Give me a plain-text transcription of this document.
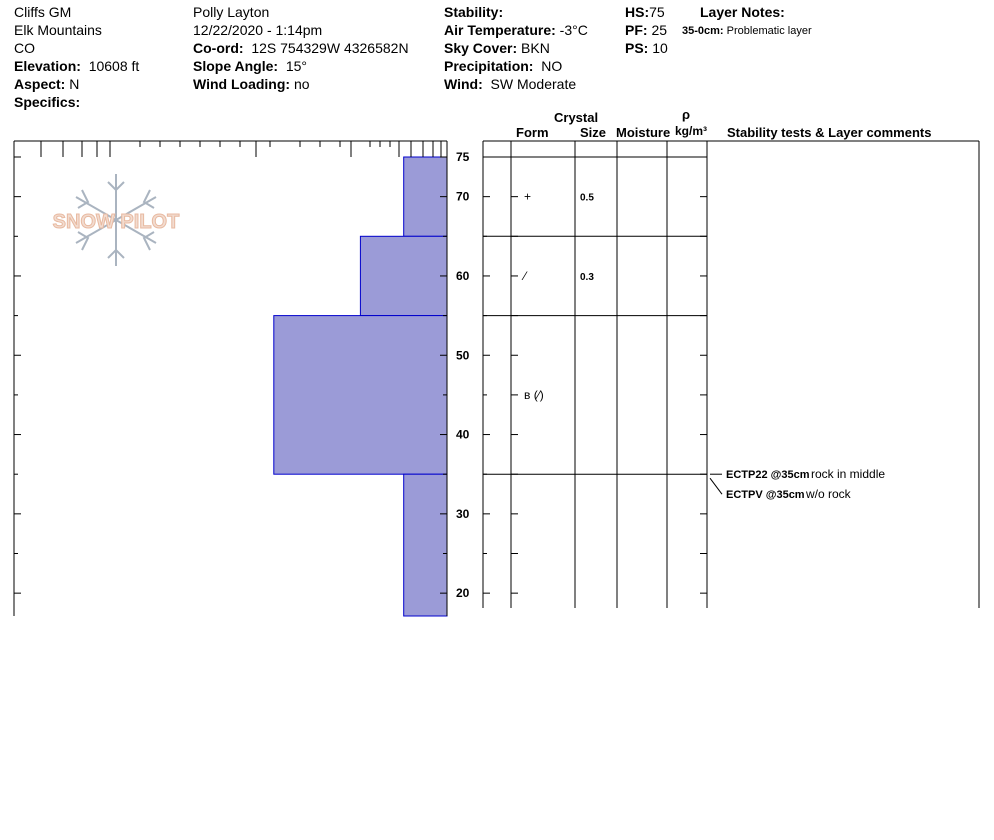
Cliffs GM
Elk Mountains
CO
Elevation: 10608 ft
Aspect: N
Specifics:
Polly Layton
12/22/2020 - 1:14pm
Co-ord: 12S 754329W 4326582N
Slope Angle: 15°
Wind Loading: no
Stability:
Air Temperature: -3°C
Sky Cover: BKN
Precipitation: NO
Wind: SW Moderate
HS:75
PF: 25
PS: 10
Layer Notes:
35-0cm: Problematic layer
Crystal
Form Size Moisture
ρ
kg/m³ Stability tests & Layer comments
SNOW PILOT
75
70
60
50
40
30
20
+	0.5
⁄	0.3
ʙ (⁄)
ECTP22 @35cm rock in middle
ECTPV @35cm w/o rock
